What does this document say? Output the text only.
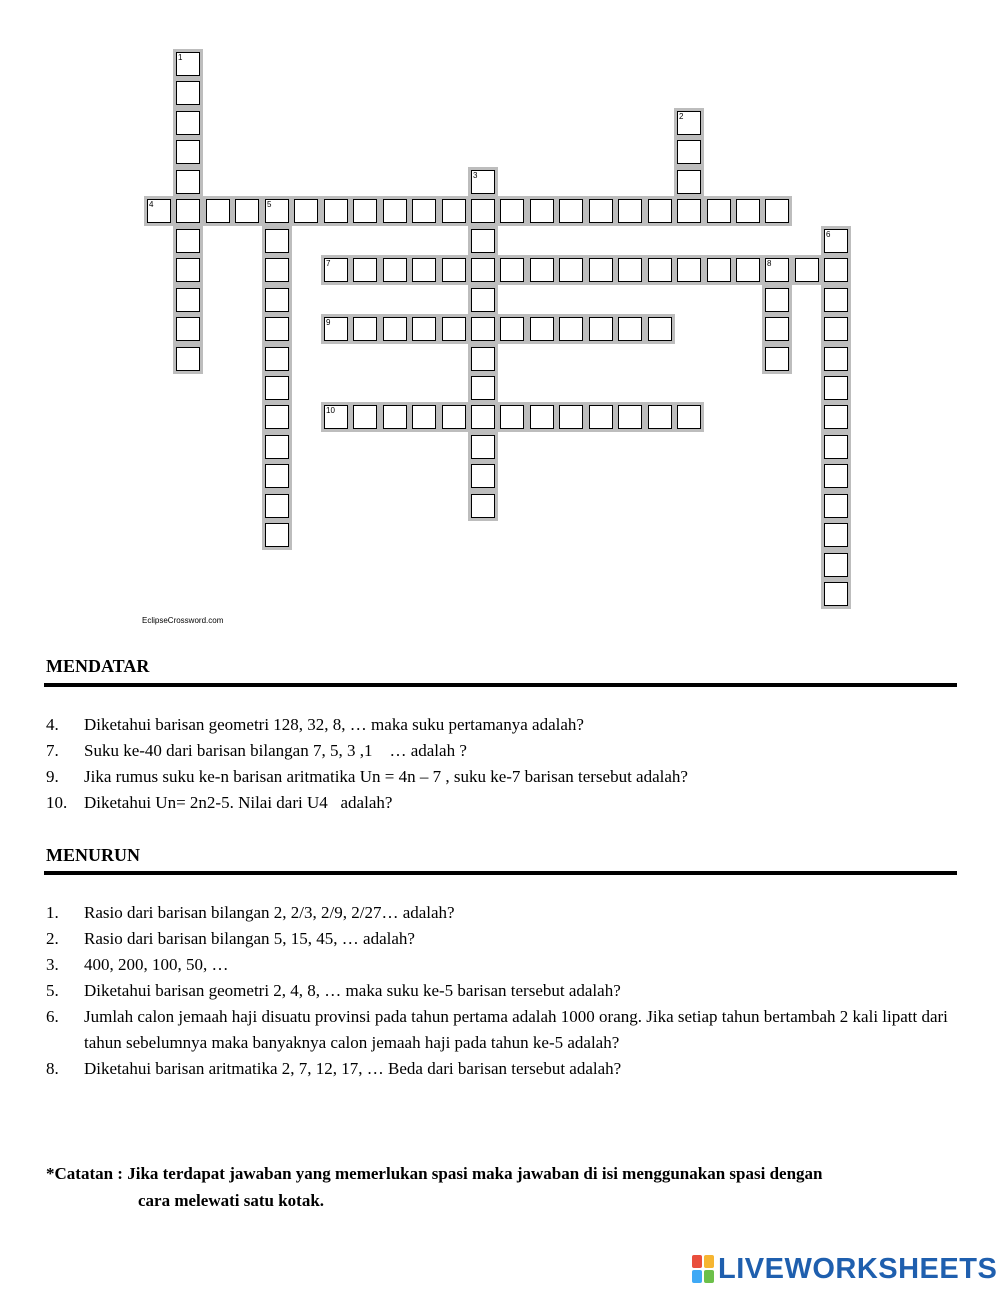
1
2
3
4	5
6
7	8
9
10
EclipseCrossword.com
MENDATAR
4.	Diketahui barisan geometri 128, 32, 8, … maka suku pertamanya adalah?
7.	Suku ke-40 dari barisan bilangan 7, 5, 3 ,1    … adalah ?
9.	Jika rumus suku ke-n barisan aritmatika Un = 4n – 7 , suku ke-7 barisan tersebut adalah?
10. Diketahui Un= 2n2-5. Nilai dari U4   adalah?
MENURUN
1.	Rasio dari barisan bilangan 2, 2/3, 2/9, 2/27… adalah?
2.	Rasio dari barisan bilangan 5, 15, 45, … adalah?
3.	400, 200, 100, 50, …
5.	Diketahui barisan geometri 2, 4, 8, … maka suku ke-5 barisan tersebut adalah?
6.	Jumlah calon jemaah haji disuatu provinsi pada tahun pertama adalah 1000 orang. Jika setiap tahun bertambah 2 kali lipatt dari tahun sebelumnya maka banyaknya calon jemaah haji pada tahun ke-5 adalah?
8.	Diketahui barisan aritmatika 2, 7, 12, 17, … Beda dari barisan tersebut adalah?
*Catatan : Jika terdapat jawaban yang memerlukan spasi maka jawaban di isi menggunakan spasi dengan
cara melewati satu kotak.
LIVEWORKSHEETS
